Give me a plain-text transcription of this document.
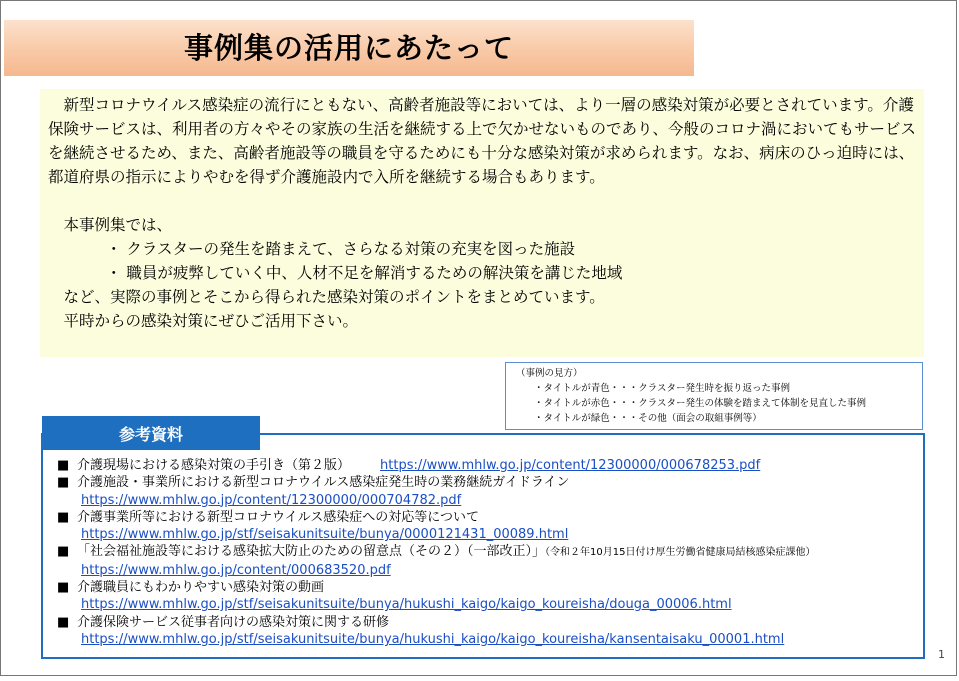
事例集の活用にあたって

新型コロナウイルス感染症の流行にともない、高齢者施設等においては、より一層の感染対策が必要とされています。介護保険サービスは、利用者の方々やその家族の生活を継続する上で欠かせないものであり、今般のコロナ渦においてもサービスを継続させるため、また、高齢者施設等の職員を守るためにも十分な感染対策が求められます。なお、病床のひっ迫時には、都道府県の指示によりやむを得ず介護施設内で入所を継続する場合もあります。

本事例集では、

・ クラスターの発生を踏まえて、さらなる対策の充実を図った施設

・ 職員が疲弊していく中、人材不足を解消するための解決策を講じた地域

など、実際の事例とそこから得られた感染対策のポイントをまとめています。

平時からの感染対策にぜひご活用下さい。

（事例の見方）
・タイトルが青色・・・クラスター発生時を振り返った事例
・タイトルが赤色・・・クラスター発生の体験を踏まえて体制を見直した事例
・タイトルが緑色・・・その他（面会の取組事例等）
■ 介護現場における感染対策の手引き（第２版） https://www.mhlw.go.jp/content/12300000/000678253.pdf
■ 介護施設・事業所における新型コロナウイルス感染症発生時の業務継続ガイドライン
https://www.mhlw.go.jp/content/12300000/000704782.pdf
■ 介護事業所等における新型コロナウイルス感染症への対応等について
https://www.mhlw.go.jp/stf/seisakunitsuite/bunya/0000121431_00089.html
■ 「社会福祉施設等における感染拡大防止のための留意点（その２）（一部改正）」（令和２年10月15日付け厚生労働省健康局結核感染症課他）
https://www.mhlw.go.jp/content/000683520.pdf
■ 介護職員にもわかりやすい感染対策の動画
https://www.mhlw.go.jp/stf/seisakunitsuite/bunya/hukushi_kaigo/kaigo_koureisha/douga_00006.html
■ 介護保険サービス従事者向けの感染対策に関する研修
https://www.mhlw.go.jp/stf/seisakunitsuite/bunya/hukushi_kaigo/kaigo_koureisha/kansentaisaku_00001.html
参考資料
1
